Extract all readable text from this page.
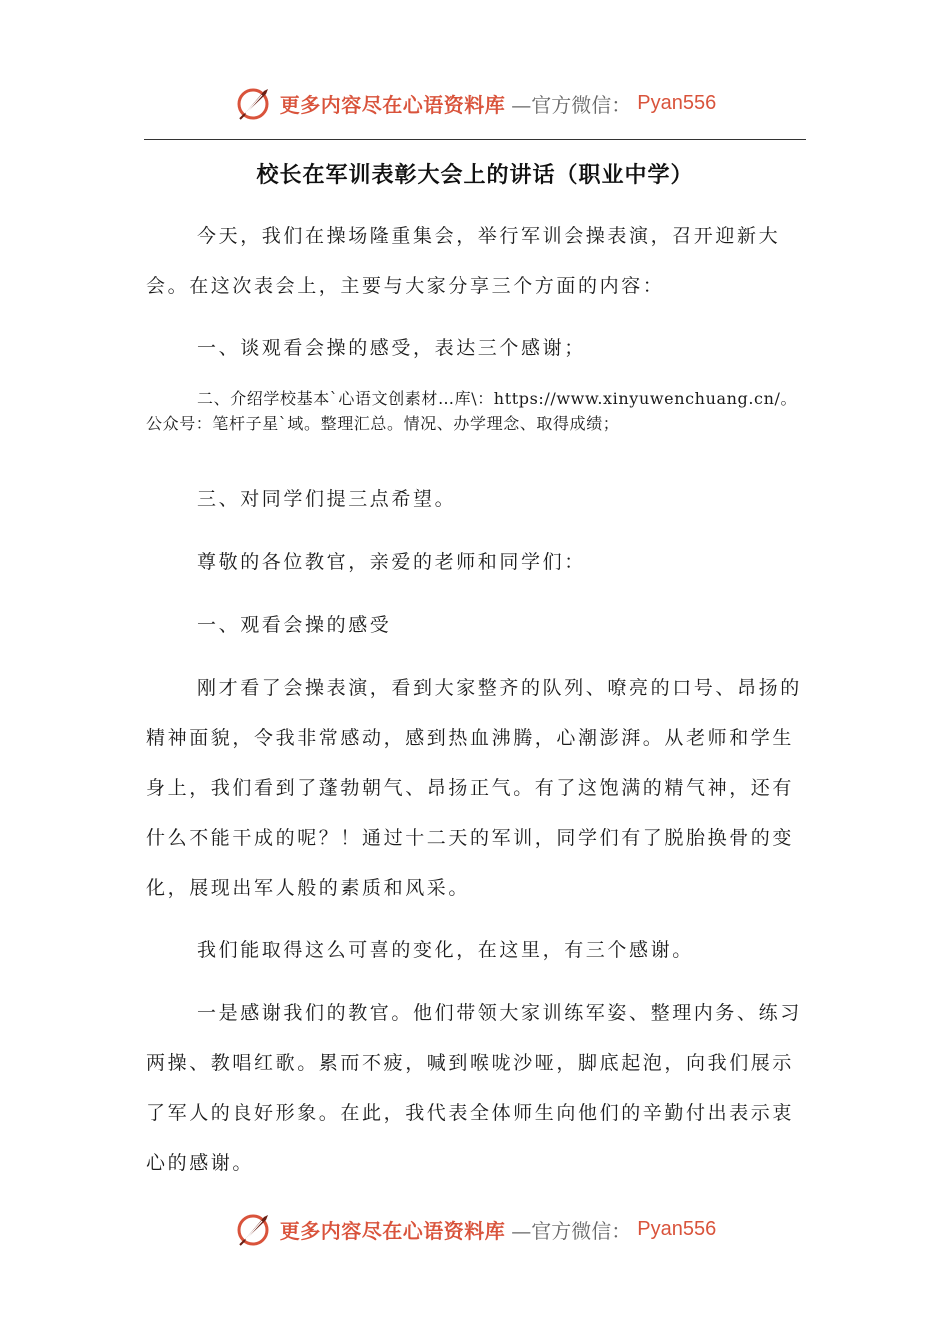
更多内容尽在心语资料库 —官方微信： Pyan556
校长在军训表彰大会上的讲话（职业中学）

今天，我们在操场隆重集会，举行军训会操表演，召开迎新大会。在这次表会上，主要与大家分享三个方面的内容：

一、谈观看会操的感受，表达三个感谢；

二、介绍学校基本`心语文创素材…库\：https://www.xinyuwenchuang.cn/。公众号：笔杆子星`域。整理汇总。情况、办学理念、取得成绩；

三、对同学们提三点希望。

尊敬的各位教官，亲爱的老师和同学们：

一、观看会操的感受

刚才看了会操表演，看到大家整齐的队列、嘹亮的口号、昂扬的精神面貌，令我非常感动，感到热血沸腾，心潮澎湃。从老师和学生身上，我们看到了蓬勃朝气、昂扬正气。有了这饱满的精气神，还有什么不能干成的呢？！通过十二天的军训，同学们有了脱胎换骨的变化，展现出军人般的素质和风采。

我们能取得这么可喜的变化，在这里，有三个感谢。

一是感谢我们的教官。他们带领大家训练军姿、整理内务、练习两操、教唱红歌。累而不疲，喊到喉咙沙哑，脚底起泡，向我们展示了军人的良好形象。在此，我代表全体师生向他们的辛勤付出表示衷心的感谢。

更多内容尽在心语资料库 —官方微信： Pyan556
